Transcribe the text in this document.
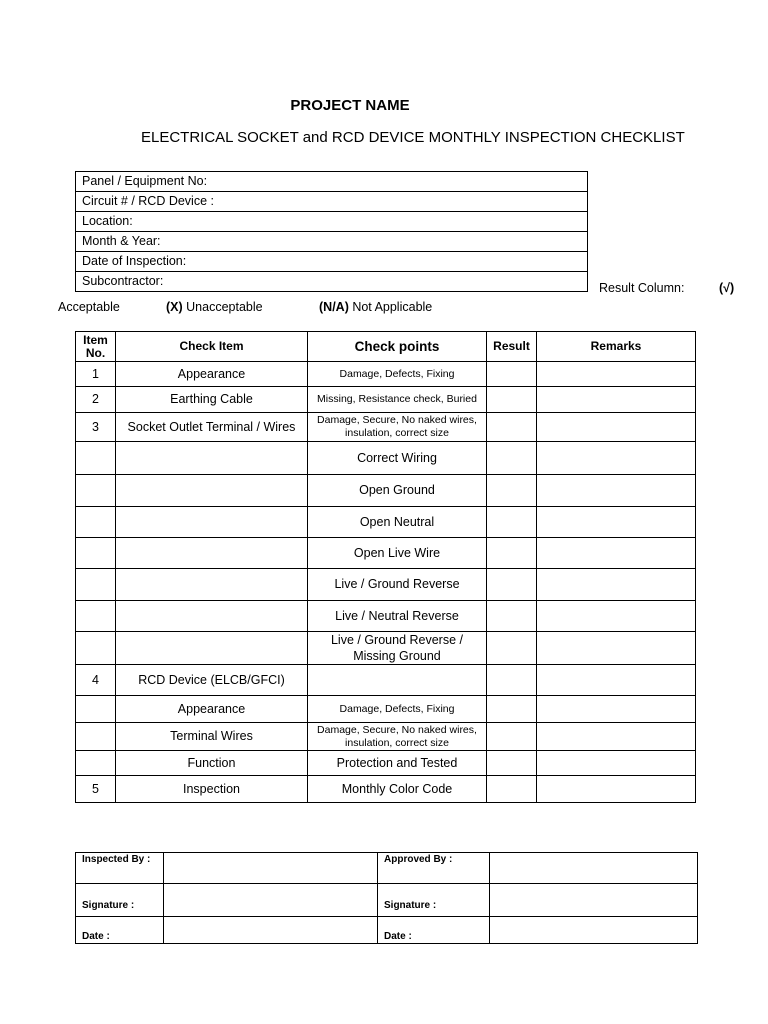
PROJECT NAME
ELECTRICAL SOCKET and RCD DEVICE MONTHLY INSPECTION CHECKLIST
Panel / Equipment No:
Circuit # / RCD Device :
Location:
Month & Year:
Date of Inspection:
Subcontractor:	Result Column:	(√)
Acceptable	(X) Unacceptable	(N/A) Not Applicable
Item No.	Check Item	Check points	Result	Remarks
1	Appearance	Damage, Defects, Fixing		
2	Earthing Cable	Missing, Resistance check, Buried		
3	Socket Outlet Terminal / Wires	Damage, Secure, No naked wires, insulation, correct size		
		Correct Wiring		
		Open Ground		
		Open Neutral		
		Open Live Wire		
		Live / Ground Reverse		
		Live / Neutral Reverse		
		Live / Ground Reverse / Missing Ground		
4	RCD Device (ELCB/GFCI)			
	Appearance	Damage, Defects, Fixing		
	Terminal Wires	Damage, Secure, No naked wires, insulation, correct size		
	Function	Protection and Tested		
5	Inspection	Monthly Color Code		
Inspected By :		Approved By :	
Signature :		Signature :	
Date :		Date :	
